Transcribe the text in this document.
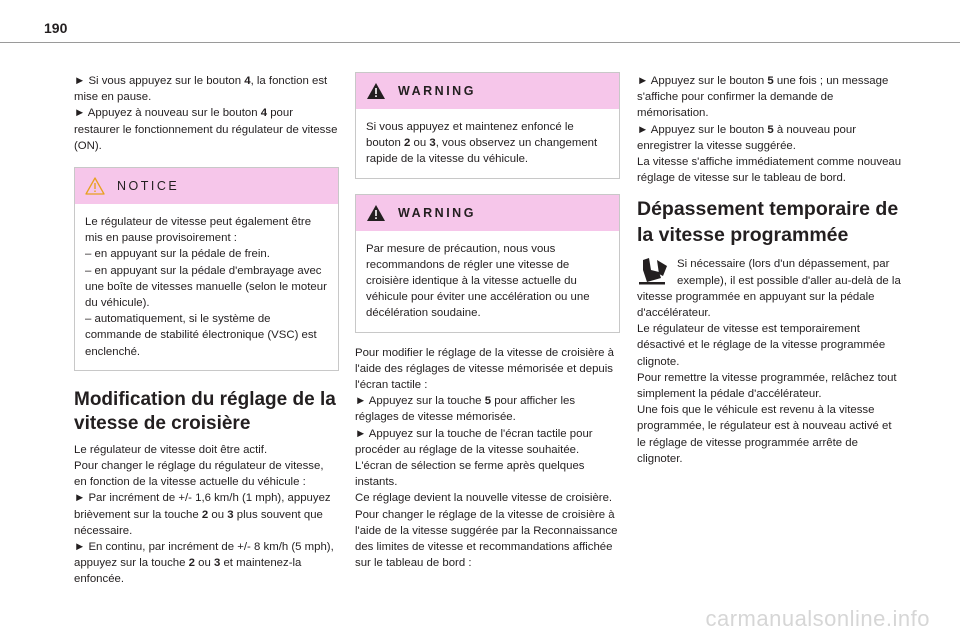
190

► Si vous appuyez sur le bouton 4, la fonction est mise en pause.

► Appuyez à nouveau sur le bouton 4 pour restaurer le fonctionnement du régulateur de vitesse (ON).

NOTICE

Le régulateur de vitesse peut également être mis en pause provisoirement :

– en appuyant sur la pédale de frein.

– en appuyant sur la pédale d'embrayage avec une boîte de vitesses manuelle (selon le moteur du véhicule).

– automatiquement, si le système de commande de stabilité électronique (VSC) est enclenché.

Modification du réglage de la vitesse de croisière

Le régulateur de vitesse doit être actif.

Pour changer le réglage du régulateur de vitesse, en fonction de la vitesse actuelle du véhicule :

► Par incrément de +/- 1,6 km/h (1 mph), appuyez brièvement sur la touche 2 ou 3 plus souvent que nécessaire.

► En continu, par incrément de +/- 8 km/h (5 mph), appuyez sur la touche 2 ou 3 et maintenez-la enfoncée.

WARNING

Si vous appuyez et maintenez enfoncé le bouton 2 ou 3, vous observez un changement rapide de la vitesse du véhicule.

WARNING

Par mesure de précaution, nous vous recommandons de régler une vitesse de croisière identique à la vitesse actuelle du véhicule pour éviter une accélération ou une décélération soudaine.

Pour modifier le réglage de la vitesse de croisière à l'aide des réglages de vitesse mémorisée et depuis l'écran tactile :

► Appuyez sur la touche 5 pour afficher les réglages de vitesse mémorisée.

► Appuyez sur la touche de l'écran tactile pour procéder au réglage de la vitesse souhaitée.

L'écran de sélection se ferme après quelques instants.

Ce réglage devient la nouvelle vitesse de croisière.

Pour changer le réglage de la vitesse de croisière à l'aide de la vitesse suggérée par la Reconnaissance des limites de vitesse et recommandations affichée sur le tableau de bord :

► Appuyez sur le bouton 5 une fois ; un message s'affiche pour confirmer la demande de mémorisation.

► Appuyez sur le bouton 5 à nouveau pour enregistrer la vitesse suggérée.

La vitesse s'affiche immédiatement comme nouveau réglage de vitesse sur le tableau de bord.

Dépassement temporaire de la vitesse programmée

Si nécessaire (lors d'un dépassement, par exemple), il est possible d'aller au-delà de la vitesse programmée en appuyant sur la pédale d'accélérateur.

Le régulateur de vitesse est temporairement désactivé et le réglage de la vitesse programmée clignote.

Pour remettre la vitesse programmée, relâchez tout simplement la pédale d'accélérateur.

Une fois que le véhicule est revenu à la vitesse programmée, le régulateur est à nouveau activé et le réglage de vitesse programmée arrête de clignoter.

carmanualsonline.info
